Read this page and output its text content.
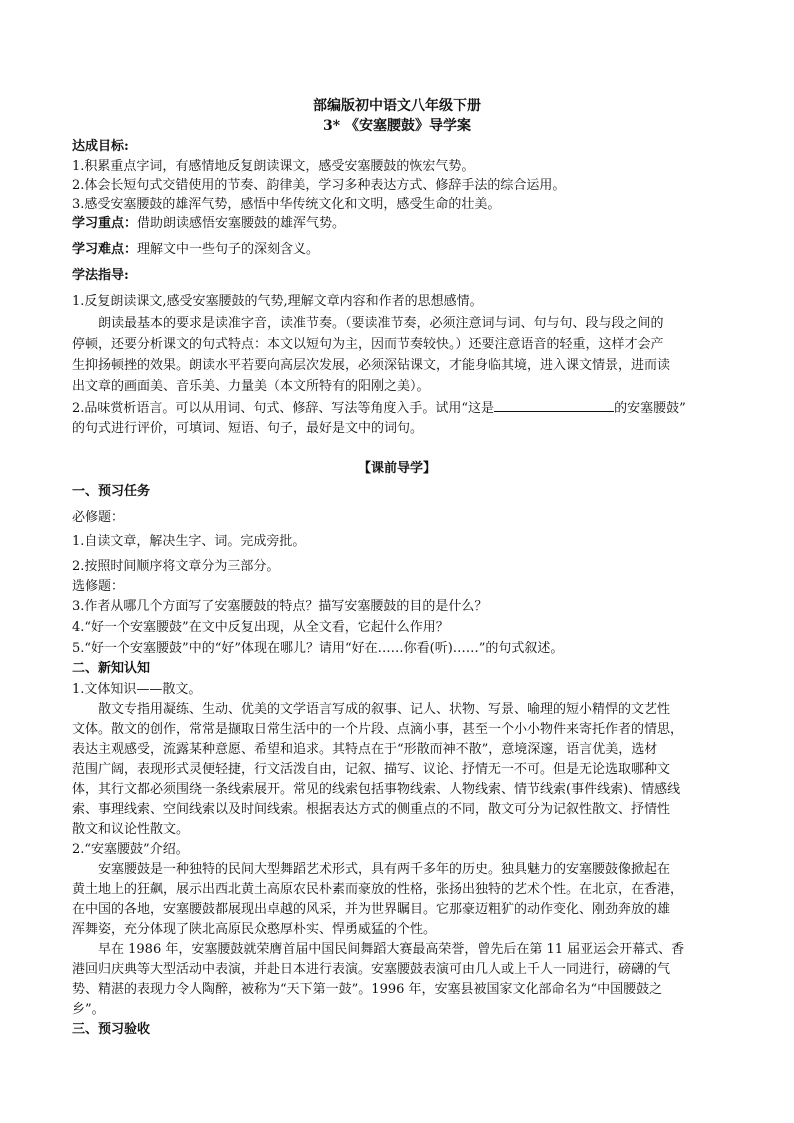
部编版初中语文八年级下册

3* 《安塞腰鼓》导学案

达成目标:

1.积累重点字词，有感情地反复朗读课文，感受安塞腰鼓的恢宏气势。

2.体会长短句式交错使用的节奏、韵律美，学习多种表达方式、修辞手法的综合运用。

3.感受安塞腰鼓的雄浑气势，感悟中华传统文化和文明，感受生命的壮美。

学习重点：借助朗读感悟安塞腰鼓的雄浑气势。

学习难点：理解文中一些句子的深刻含义。

学法指导:

1.反复朗读课文,感受安塞腰鼓的气势,理解文章内容和作者的思想感情。

朗读最基本的要求是读准字音，读准节奏。（要读准节奏，必须注意词与词、句与句、段与段之间的

停顿，还要分析课文的句式特点：本文以短句为主，因而节奏较快。）还要注意语音的轻重，这样才会产

生抑扬顿挫的效果。朗读水平若要向高层次发展，必须深钻课文，才能身临其境，进入课文情景，进而读

出文章的画面美、音乐美、力量美（本文所特有的阳刚之美）。

2.品味赏析语言。可以从用词、句式、修辞、写法等角度入手。试用“这是	的安塞腰鼓”

的句式进行评价，可填词、短语、句子，最好是文中的词句。

【课前导学】

一、预习任务

必修题：

1.自读文章，解决生字、词。完成旁批。

2.按照时间顺序将文章分为三部分。

选修题：

3.作者从哪几个方面写了安塞腰鼓的特点？描写安塞腰鼓的目的是什么？

4.“好一个安塞腰鼓”在文中反复出现，从全文看，它起什么作用？

5.“好一个安塞腰鼓”中的“好”体现在哪儿？请用“好在……你看(听)……”的句式叙述。

二、新知认知

1.文体知识——散文。

散文专指用凝练、生动、优美的文学语言写成的叙事、记人、状物、写景、喻理的短小精悍的文艺性

文体。散文的创作，常常是撷取日常生活中的一个片段、点滴小事，甚至一个小小物件来寄托作者的情思，

表达主观感受，流露某种意愿、希望和追求。其特点在于“形散而神不散”，意境深邃，语言优美，选材

范围广阔，表现形式灵便轻捷，行文活泼自由，记叙、描写、议论、抒情无一不可。但是无论选取哪种文

体，其行文都必须围绕一条线索展开。常见的线索包括事物线索、人物线索、情节线索(事件线索)、情感线

索、事理线索、空间线索以及时间线索。根据表达方式的侧重点的不同，散文可分为记叙性散文、抒情性

散文和议论性散文。

2.“安塞腰鼓”介绍。

安塞腰鼓是一种独特的民间大型舞蹈艺术形式，具有两千多年的历史。独具魅力的安塞腰鼓像掀起在

黄土地上的狂飙，展示出西北黄土高原农民朴素而豪放的性格，张扬出独特的艺术个性。在北京，在香港，

在中国的各地，安塞腰鼓都展现出卓越的风采，并为世界瞩目。它那豪迈粗犷的动作变化、刚劲奔放的雄

浑舞姿，充分体现了陕北高原民众憨厚朴实、悍勇威猛的个性。

早在 1986 年，安塞腰鼓就荣膺首届中国民间舞蹈大赛最高荣誉，曾先后在第 11 届亚运会开幕式、香

港回归庆典等大型活动中表演，并赴日本进行表演。安塞腰鼓表演可由几人或上千人一同进行，磅礴的气

势、精湛的表现力令人陶醉，被称为“天下第一鼓”。1996 年，安塞县被国家文化部命名为“中国腰鼓之

乡”。

三、预习验收
